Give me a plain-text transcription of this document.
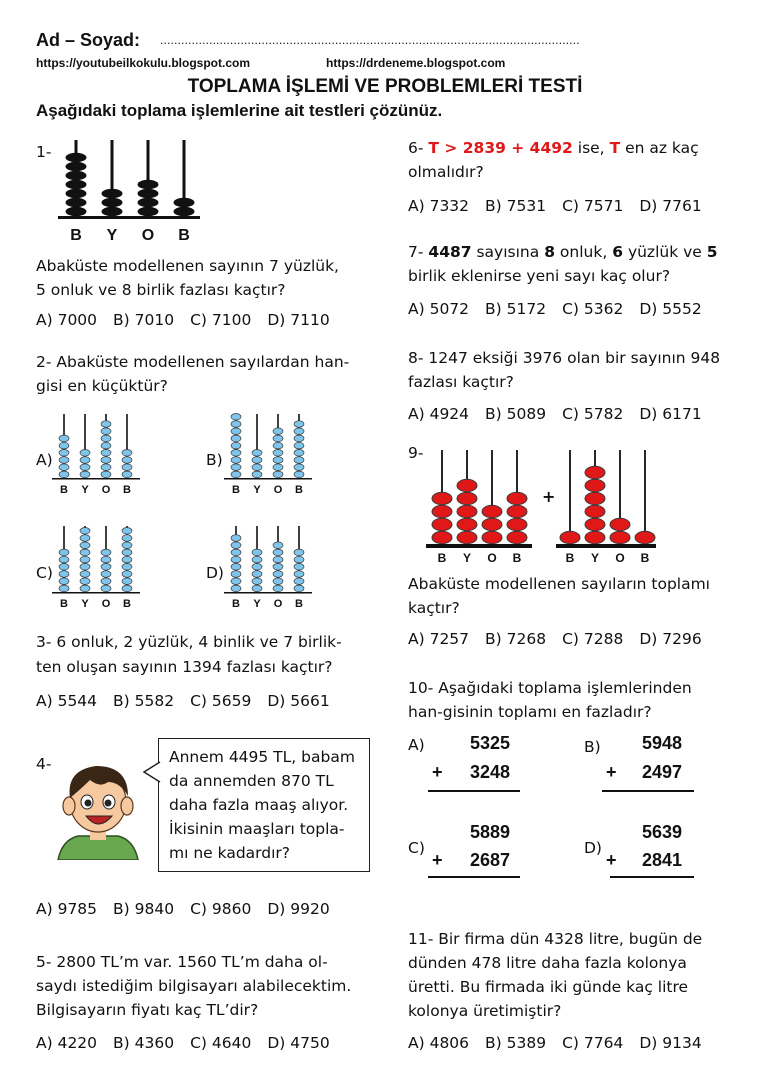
Ad – Soyad: ........................................................................................................................
https://youtubeilkokulu.blogspot.com	https://drdeneme.blogspot.com
TOPLAMA İŞLEMİ VE PROBLEMLERİ TESTİ
Aşağıdaki toplama işlemlerine ait testleri çözünüz.
1-
B Y O B
Abaküste modellenen sayının 7 yüzlük,
5 onluk ve 8 birlik fazlası kaçtır?
A) 7000 B) 7010 C) 7100 D) 7110
2- Abaküste modellenen sayılardan han-
gisi en küçüktür?
A)
B Y O B
B)
B Y O B
C)
B Y O B
D)
B Y O B
3- 6 onluk, 2 yüzlük, 4 binlik ve 7 birlik-
ten oluşan sayının 1394 fazlası kaçtır?
A) 5544 B) 5582 C) 5659 D) 5661
4-	Annem 4495 TL, babam
da annemden 870 TL
daha fazla maaş alıyor.
İkisinin maaşları topla-
mı ne kadardır?
A) 9785 B) 9840 C) 9860 D) 9920
5- 2800 TL’m var. 1560 TL’m daha ol-
saydı istediğim bilgisayarı alabilecektim.
Bilgisayarın fiyatı kaç TL’dir?
A) 4220 B) 4360 C) 4640 D) 4750
6- T > 2839 + 4492 ise, T en az kaç
olmalıdır?
A) 7332 B) 7531 C) 7571 D) 7761
7- 4487 sayısına 8 onluk, 6 yüzlük ve 5
birlik eklenirse yeni sayı kaç olur?
A) 5072 B) 5172 C) 5362 D) 5552
8- 1247 eksiği 3976 olan bir sayının 948
fazlası kaçtır?
A) 4924 B) 5089 C) 5782 D) 6171
9-
B Y O B
+
B Y O B
Abaküste modellenen sayıların toplamı
kaçtır?
A) 7257 B) 7268 C) 7288 D) 7296
10- Aşağıdaki toplama işlemlerinden
han-gisinin toplamı en fazladır?
A)	5325
+ 3248
B) 5948
+ 2497
C)
5889
+ 2687
D)
5639
+ 2841
11- Bir firma dün 4328 litre, bugün de
dünden 478 litre daha fazla kolonya
üretti. Bu firmada iki günde kaç litre
kolonya üretimiştir?
A) 4806 B) 5389 C) 7764 D) 9134
